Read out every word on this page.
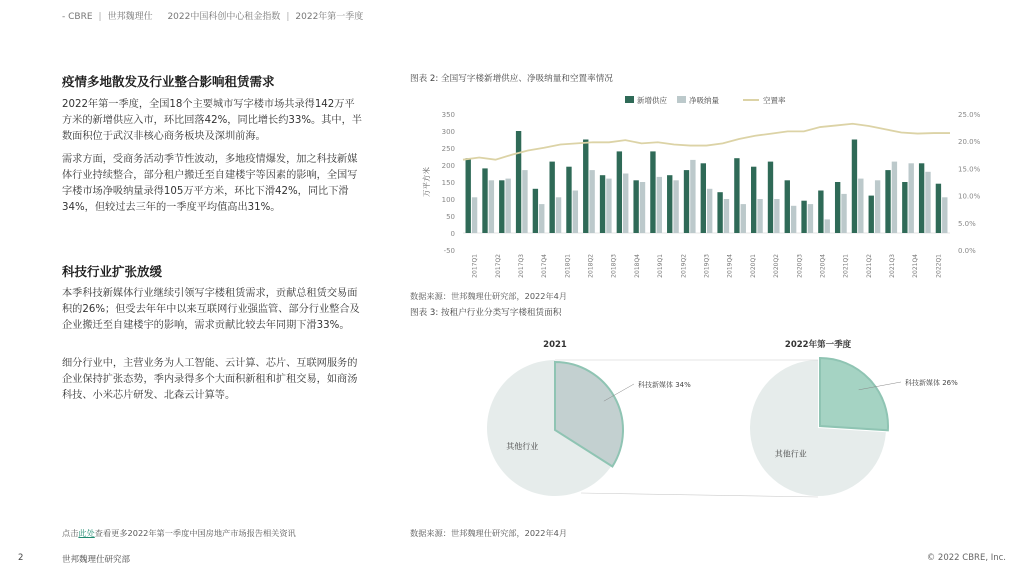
- CBRE | 世邦魏理仕 2022中国科创中心租金指数 | 2022年第一季度
疫情多地散发及行业整合影响租赁需求

2022年第一季度，全国18个主要城市写字楼市场共录得142万平方米的新增供应入市，环比回落42%，同比增长约33%。其中，半数面积位于武汉非核心商务板块及深圳前海。

需求方面，受商务活动季节性波动，多地疫情爆发，加之科技新媒体行业持续整合，部分租户搬迁至自建楼宇等因素的影响，全国写字楼市场净吸纳量录得105万平方米，环比下滑42%，同比下滑34%，但较过去三年的一季度平均值高出31%。

科技行业扩张放缓

本季科技新媒体行业继续引领写字楼租赁需求，贡献总租赁交易面积的26%；但受去年年中以来互联网行业强监管、部分行业整合及企业搬迁至自建楼宇的影响，需求贡献比较去年同期下滑33%。

细分行业中，主营业务为人工智能、云计算、芯片、互联网服务的企业保持扩张态势，季内录得多个大面积新租和扩租交易，如商汤科技、小米芯片研发、北森云计算等。

图表 2: 全国写字楼新增供应、净吸纳量和空置率情况
新增供应	净吸纳量	空置率
-50
0
50
100
150
200
250
300
350
0.0%
5.0%
10.0%
15.0%
20.0%
25.0%
万平方米
2017Q1	2017Q2	2017Q3	2017Q4	2018Q1	2018Q2	2018Q3	2018Q4	2019Q1	2019Q2	2019Q3	2019Q4	2020Q1	2020Q2	2020Q3	2020Q4	2021Q1	2021Q2	2021Q3	2021Q4	2022Q1
数据来源：世邦魏理仕研究部，2022年4月
图表 3: 按租户行业分类写字楼租赁面积
2021
其他行业
科技新媒体 34%
2022年第一季度
其他行业
科技新媒体 26%
数据来源：世邦魏理仕研究部，2022年4月
点击此处查看更多2022年第一季度中国房地产市场报告相关资讯
2	世邦魏理仕研究部	© 2022 CBRE, Inc.
